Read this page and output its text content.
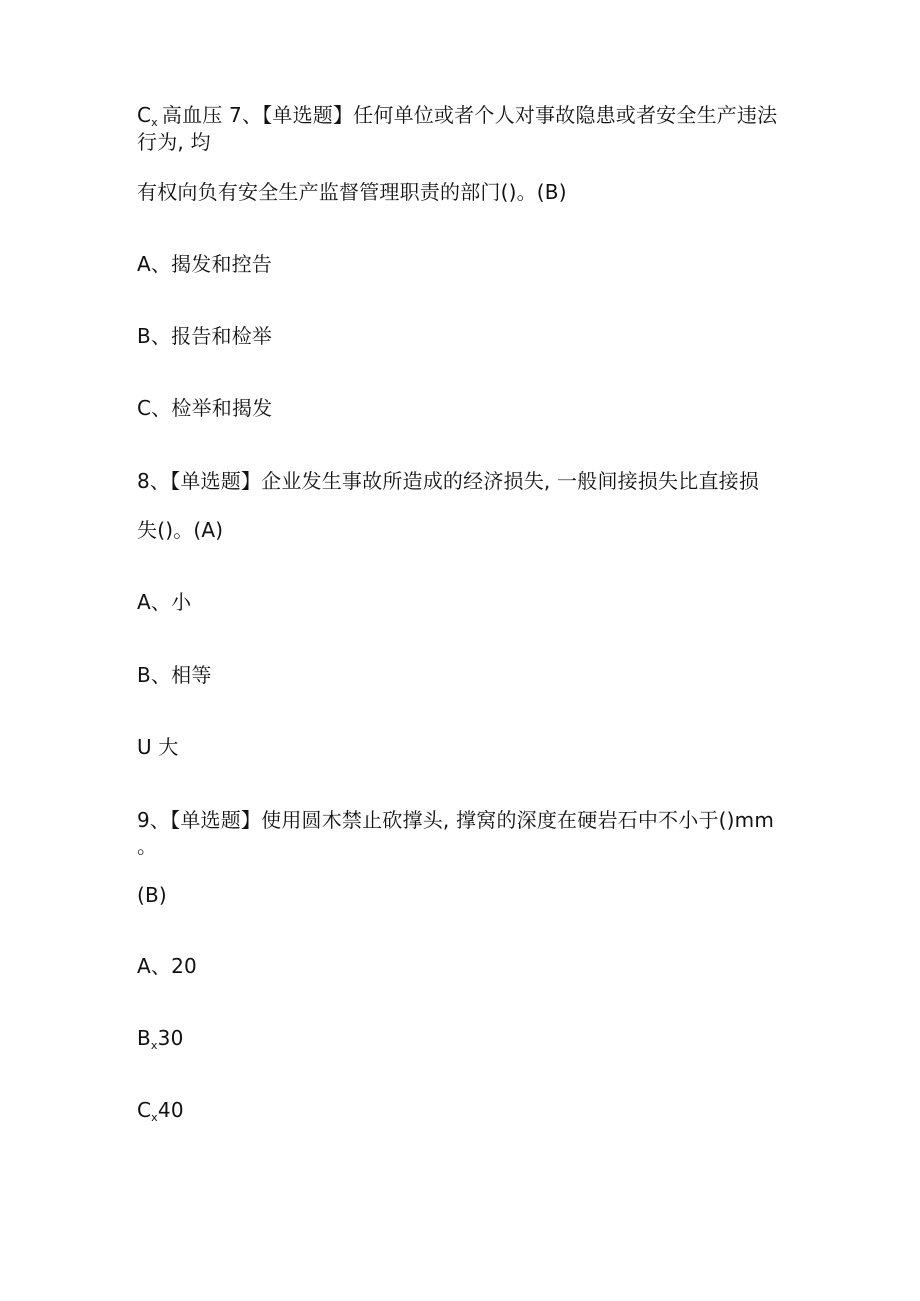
$C_x$ 高血压 7、【单选题】任何单位或者个人对事故隐患或者安全生产违法
行为, 均
有权向负有安全生产监督管理职责的部门()。(B)
A、揭发和控告
B、报告和检举
C、检举和揭发
8、【单选题】企业发生事故所造成的经济损失, 一般间接损失比直接损
失()。(A)
A、小
B、相等
U 大
9、【单选题】使用圆木禁止砍撑头, 撑窝的深度在硬岩石中不小于()mm
。
(B)
A、20
$B_x30$
$C_x40$
